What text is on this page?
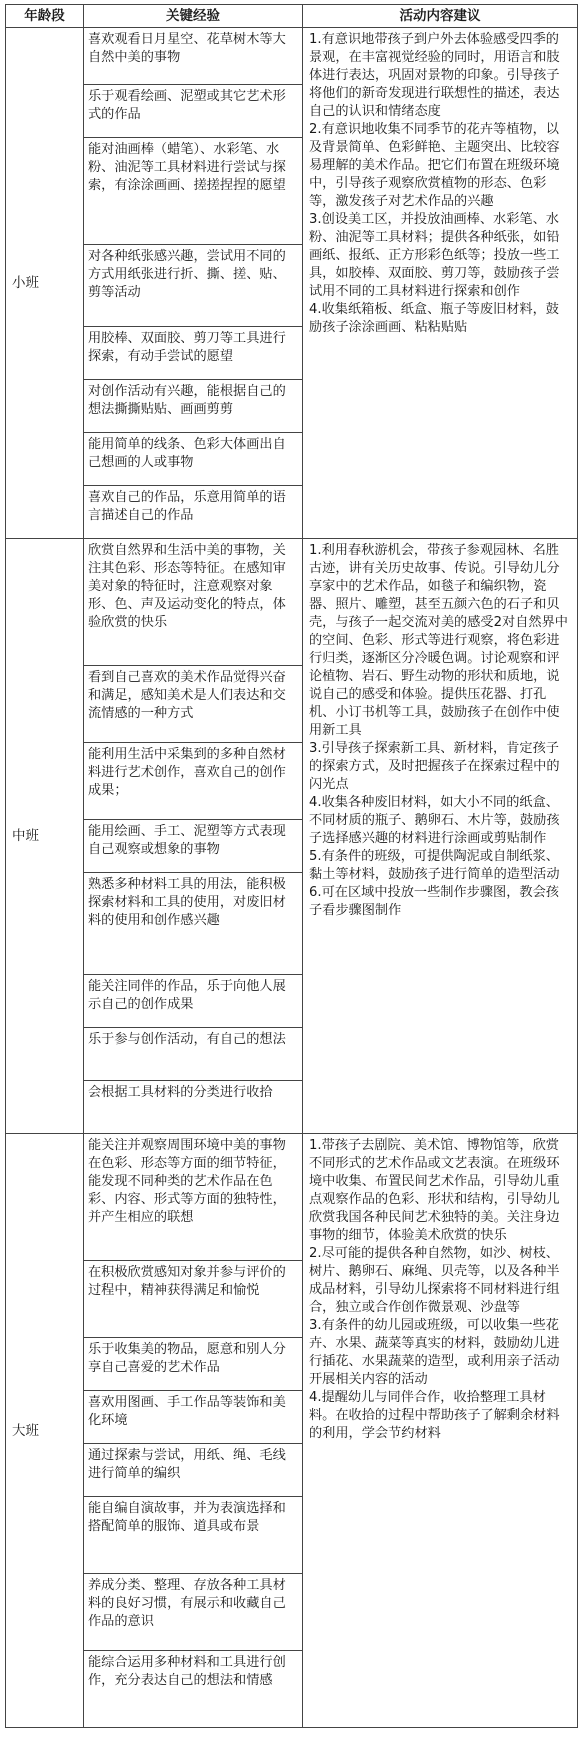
年龄段	关键经验	活动内容建议
小班	喜欢观看日月星空、花草树木等大自然中美的事物	1.有意识地带孩子到户外去体验感受四季的景观，在丰富视觉经验的同时，用语言和肢体进行表达，巩固对景物的印象。引导孩子将他们的新奇发现进行联想性的描述，表达自己的认识和情绪态度
2.有意识地收集不同季节的花卉等植物，以及背景简单、色彩鲜艳、主题突出、比较容易理解的美术作品。把它们布置在班级环境中，引导孩子观察欣赏植物的形态、色彩等，激发孩子对艺术作品的兴趣
3.创设美工区，并投放油画棒、水彩笔、水粉、油泥等工具材料；提供各种纸张，如铅画纸、报纸、正方形彩色纸等；投放一些工具，如胶棒、双面胶、剪刀等，鼓励孩子尝试用不同的工具材料进行探索和创作
4.收集纸箱板、纸盒、瓶子等废旧材料，鼓励孩子涂涂画画、粘粘贴贴

	乐于观看绘画、泥塑或其它艺术形式的作品	
	能对油画棒（蜡笔）、水彩笔、水粉、油泥等工具材料进行尝试与探索，有涂涂画画、搓搓捏捏的愿望	
	对各种纸张感兴趣，尝试用不同的方式用纸张进行折、撕、搓、贴、剪等活动	
	用胶棒、双面胶、剪刀等工具进行探索，有动手尝试的愿望	
	对创作活动有兴趣，能根据自己的想法撕撕贴贴、画画剪剪	
	能用简单的线条、色彩大体画出自己想画的人或事物	
	喜欢自己的作品，乐意用简单的语言描述自己的作品	
中班	欣赏自然界和生活中美的事物，关注其色彩、形态等特征。在感知审美对象的特征时，注意观察对象形、色、声及运动变化的特点，体验欣赏的快乐	1.利用春秋游机会，带孩子参观园林、名胜古迹，讲有关历史故事、传说。引导幼儿分享家中的艺术作品，如毯子和编织物，瓷器、照片、雕塑，甚至五颜六色的石子和贝壳，与孩子一起交流对美的感受2对自然界中的空间、色彩、形式等进行观察，将色彩进行归类，逐渐区分冷暖色调。讨论观察和评论植物、岩石、野生动物的形状和质地，说说自己的感受和体验。提供压花器、打孔机、小订书机等工具，鼓励孩子在创作中使用新工具
3.引导孩子探索新工具、新材料，肯定孩子的探索方式，及时把握孩子在探索过程中的闪光点
4.收集各种废旧材料，如大小不同的纸盒、不同材质的瓶子、鹅卵石、木片等，鼓励孩子选择感兴趣的材料进行涂画或剪贴制作
5.有条件的班级，可提供陶泥或自制纸浆、黏土等材料，鼓励孩子进行简单的造型活动
6.可在区域中投放一些制作步骤图，教会孩子看步骤图制作

	看到自己喜欢的美术作品觉得兴奋和满足，感知美术是人们表达和交流情感的一种方式	
	能利用生活中采集到的多种自然材料进行艺术创作，喜欢自己的创作成果；	
	能用绘画、手工、泥塑等方式表现自己观察或想象的事物	
	熟悉多种材料工具的用法，能积极探索材料和工具的使用，对废旧材料的使用和创作感兴趣	
	能关注同伴的作品，乐于向他人展示自己的创作成果	
	乐于参与创作活动，有自己的想法	
	会根据工具材料的分类进行收拾	
大班	能关注并观察周围环境中美的事物在色彩、形态等方面的细节特征，能发现不同种类的艺术作品在色彩、内容、形式等方面的独特性，并产生相应的联想	1.带孩子去剧院、美术馆、博物馆等，欣赏不同形式的艺术作品或文艺表演。在班级环境中收集、布置民间艺术作品，引导幼儿重点观察作品的色彩、形状和结构，引导幼儿欣赏我国各种民间艺术独特的美。关注身边事物的细节，体验美术欣赏的快乐
2.尽可能的提供各种自然物，如沙、树枝、树片、鹅卵石、麻绳、贝壳等，以及各种半成品材料，引导幼儿探索将不同材料进行组合，独立或合作创作微景观、沙盘等
3.有条件的幼儿园或班级，可以收集一些花卉、水果、蔬菜等真实的材料，鼓励幼儿进行插花、水果蔬菜的造型，或利用亲子活动开展相关内容的活动
4.提醒幼儿与同伴合作，收拾整理工具材料。在收拾的过程中帮助孩子了解剩余材料的利用，学会节约材料

	在积极欣赏感知对象并参与评价的过程中，精神获得满足和愉悦	
	乐于收集美的物品，愿意和别人分享自己喜爱的艺术作品	
	喜欢用图画、手工作品等装饰和美化环境	
	通过探索与尝试，用纸、绳、毛线进行简单的编织	
	能自编自演故事，并为表演选择和搭配简单的服饰、道具或布景	
	养成分类、整理、存放各种工具材料的良好习惯，有展示和收藏自己作品的意识	
	能综合运用多种材料和工具进行创作，充分表达自己的想法和情感	
